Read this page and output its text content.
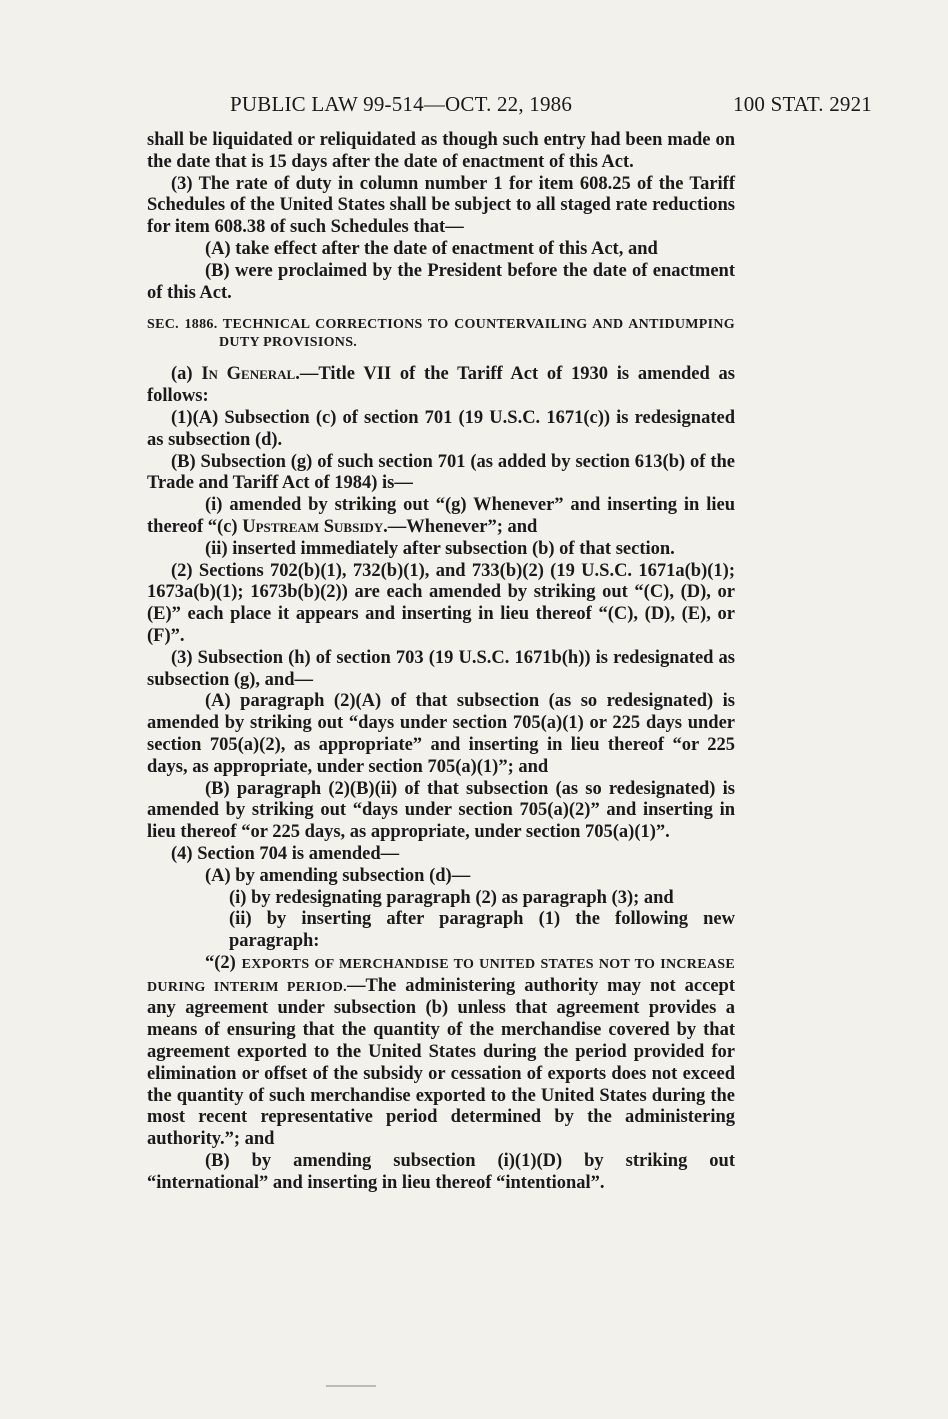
PUBLIC LAW 99-514—OCT. 22, 1986	100 STAT. 2921

shall be liquidated or reliquidated as though such entry had been made on the date that is 15 days after the date of enactment of this Act.

(3) The rate of duty in column number 1 for item 608.25 of the Tariff Schedules of the United States shall be subject to all staged rate reductions for item 608.38 of such Schedules that—

(A) take effect after the date of enactment of this Act, and

(B) were proclaimed by the President before the date of enactment of this Act.

SEC. 1886. TECHNICAL CORRECTIONS TO COUNTERVAILING AND ANTIDUMPING DUTY PROVISIONS.

(a) In General.—Title VII of the Tariff Act of 1930 is amended as follows:

(1)(A) Subsection (c) of section 701 (19 U.S.C. 1671(c)) is redesignated as subsection (d).

(B) Subsection (g) of such section 701 (as added by section 613(b) of the Trade and Tariff Act of 1984) is—

(i) amended by striking out “(g) Whenever” and inserting in lieu thereof “(c) Upstream Subsidy.—Whenever”; and

(ii) inserted immediately after subsection (b) of that section.

(2) Sections 702(b)(1), 732(b)(1), and 733(b)(2) (19 U.S.C. 1671a(b)(1); 1673a(b)(1); 1673b(b)(2)) are each amended by striking out “(C), (D), or (E)” each place it appears and inserting in lieu thereof “(C), (D), (E), or (F)”.

(3) Subsection (h) of section 703 (19 U.S.C. 1671b(h)) is redesignated as subsection (g), and—

(A) paragraph (2)(A) of that subsection (as so redesignated) is amended by striking out “days under section 705(a)(1) or 225 days under section 705(a)(2), as appropriate” and inserting in lieu thereof “or 225 days, as appropriate, under section 705(a)(1)”; and

(B) paragraph (2)(B)(ii) of that subsection (as so redesignated) is amended by striking out “days under section 705(a)(2)” and inserting in lieu thereof “or 225 days, as appropriate, under section 705(a)(1)”.

(4) Section 704 is amended—

(A) by amending subsection (d)—

(i) by redesignating paragraph (2) as paragraph (3); and

(ii) by inserting after paragraph (1) the following new paragraph:

“(2) EXPORTS OF MERCHANDISE TO UNITED STATES NOT TO INCREASE DURING INTERIM PERIOD.—The administering authority may not accept any agreement under subsection (b) unless that agreement provides a means of ensuring that the quantity of the merchandise covered by that agreement exported to the United States during the period provided for elimination or offset of the subsidy or cessation of exports does not exceed the quantity of such merchandise exported to the United States during the most recent representative period determined by the administering authority.”; and

(B) by amending subsection (i)(1)(D) by striking out “international” and inserting in lieu thereof “intentional”.
